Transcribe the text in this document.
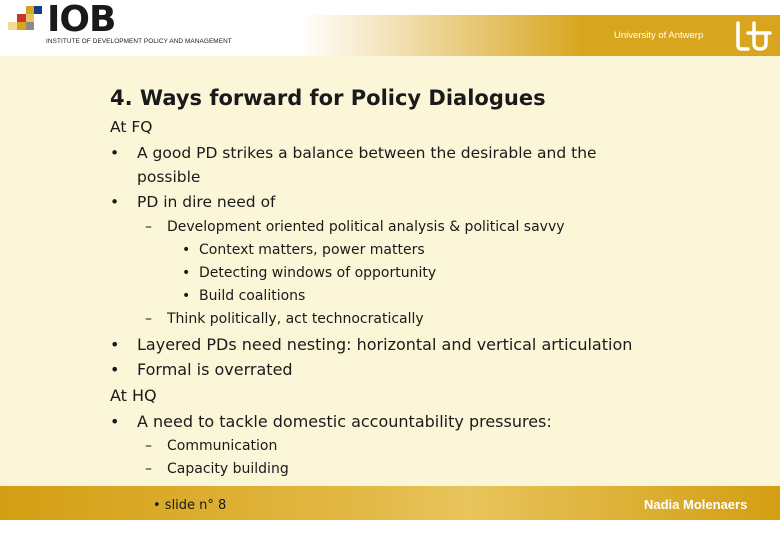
IOB
INSTITUTE OF DEVELOPMENT POLICY AND MANAGEMENT
University of Antwerp
4. Ways forward for Policy Dialogues
At FQ
• A good PD strikes a balance between the desirable and the
possible
• PD in dire need of
– Development oriented political analysis & political savvy
• Context matters, power matters
• Detecting windows of opportunity
• Build coalitions
– Think politically, act technocratically
• Layered PDs need nesting: horizontal and vertical articulation
• Formal is overrated
At HQ
• A need to tackle domestic accountability pressures:
– Communication
– Capacity building
• slide n° 8	Nadia Molenaers
